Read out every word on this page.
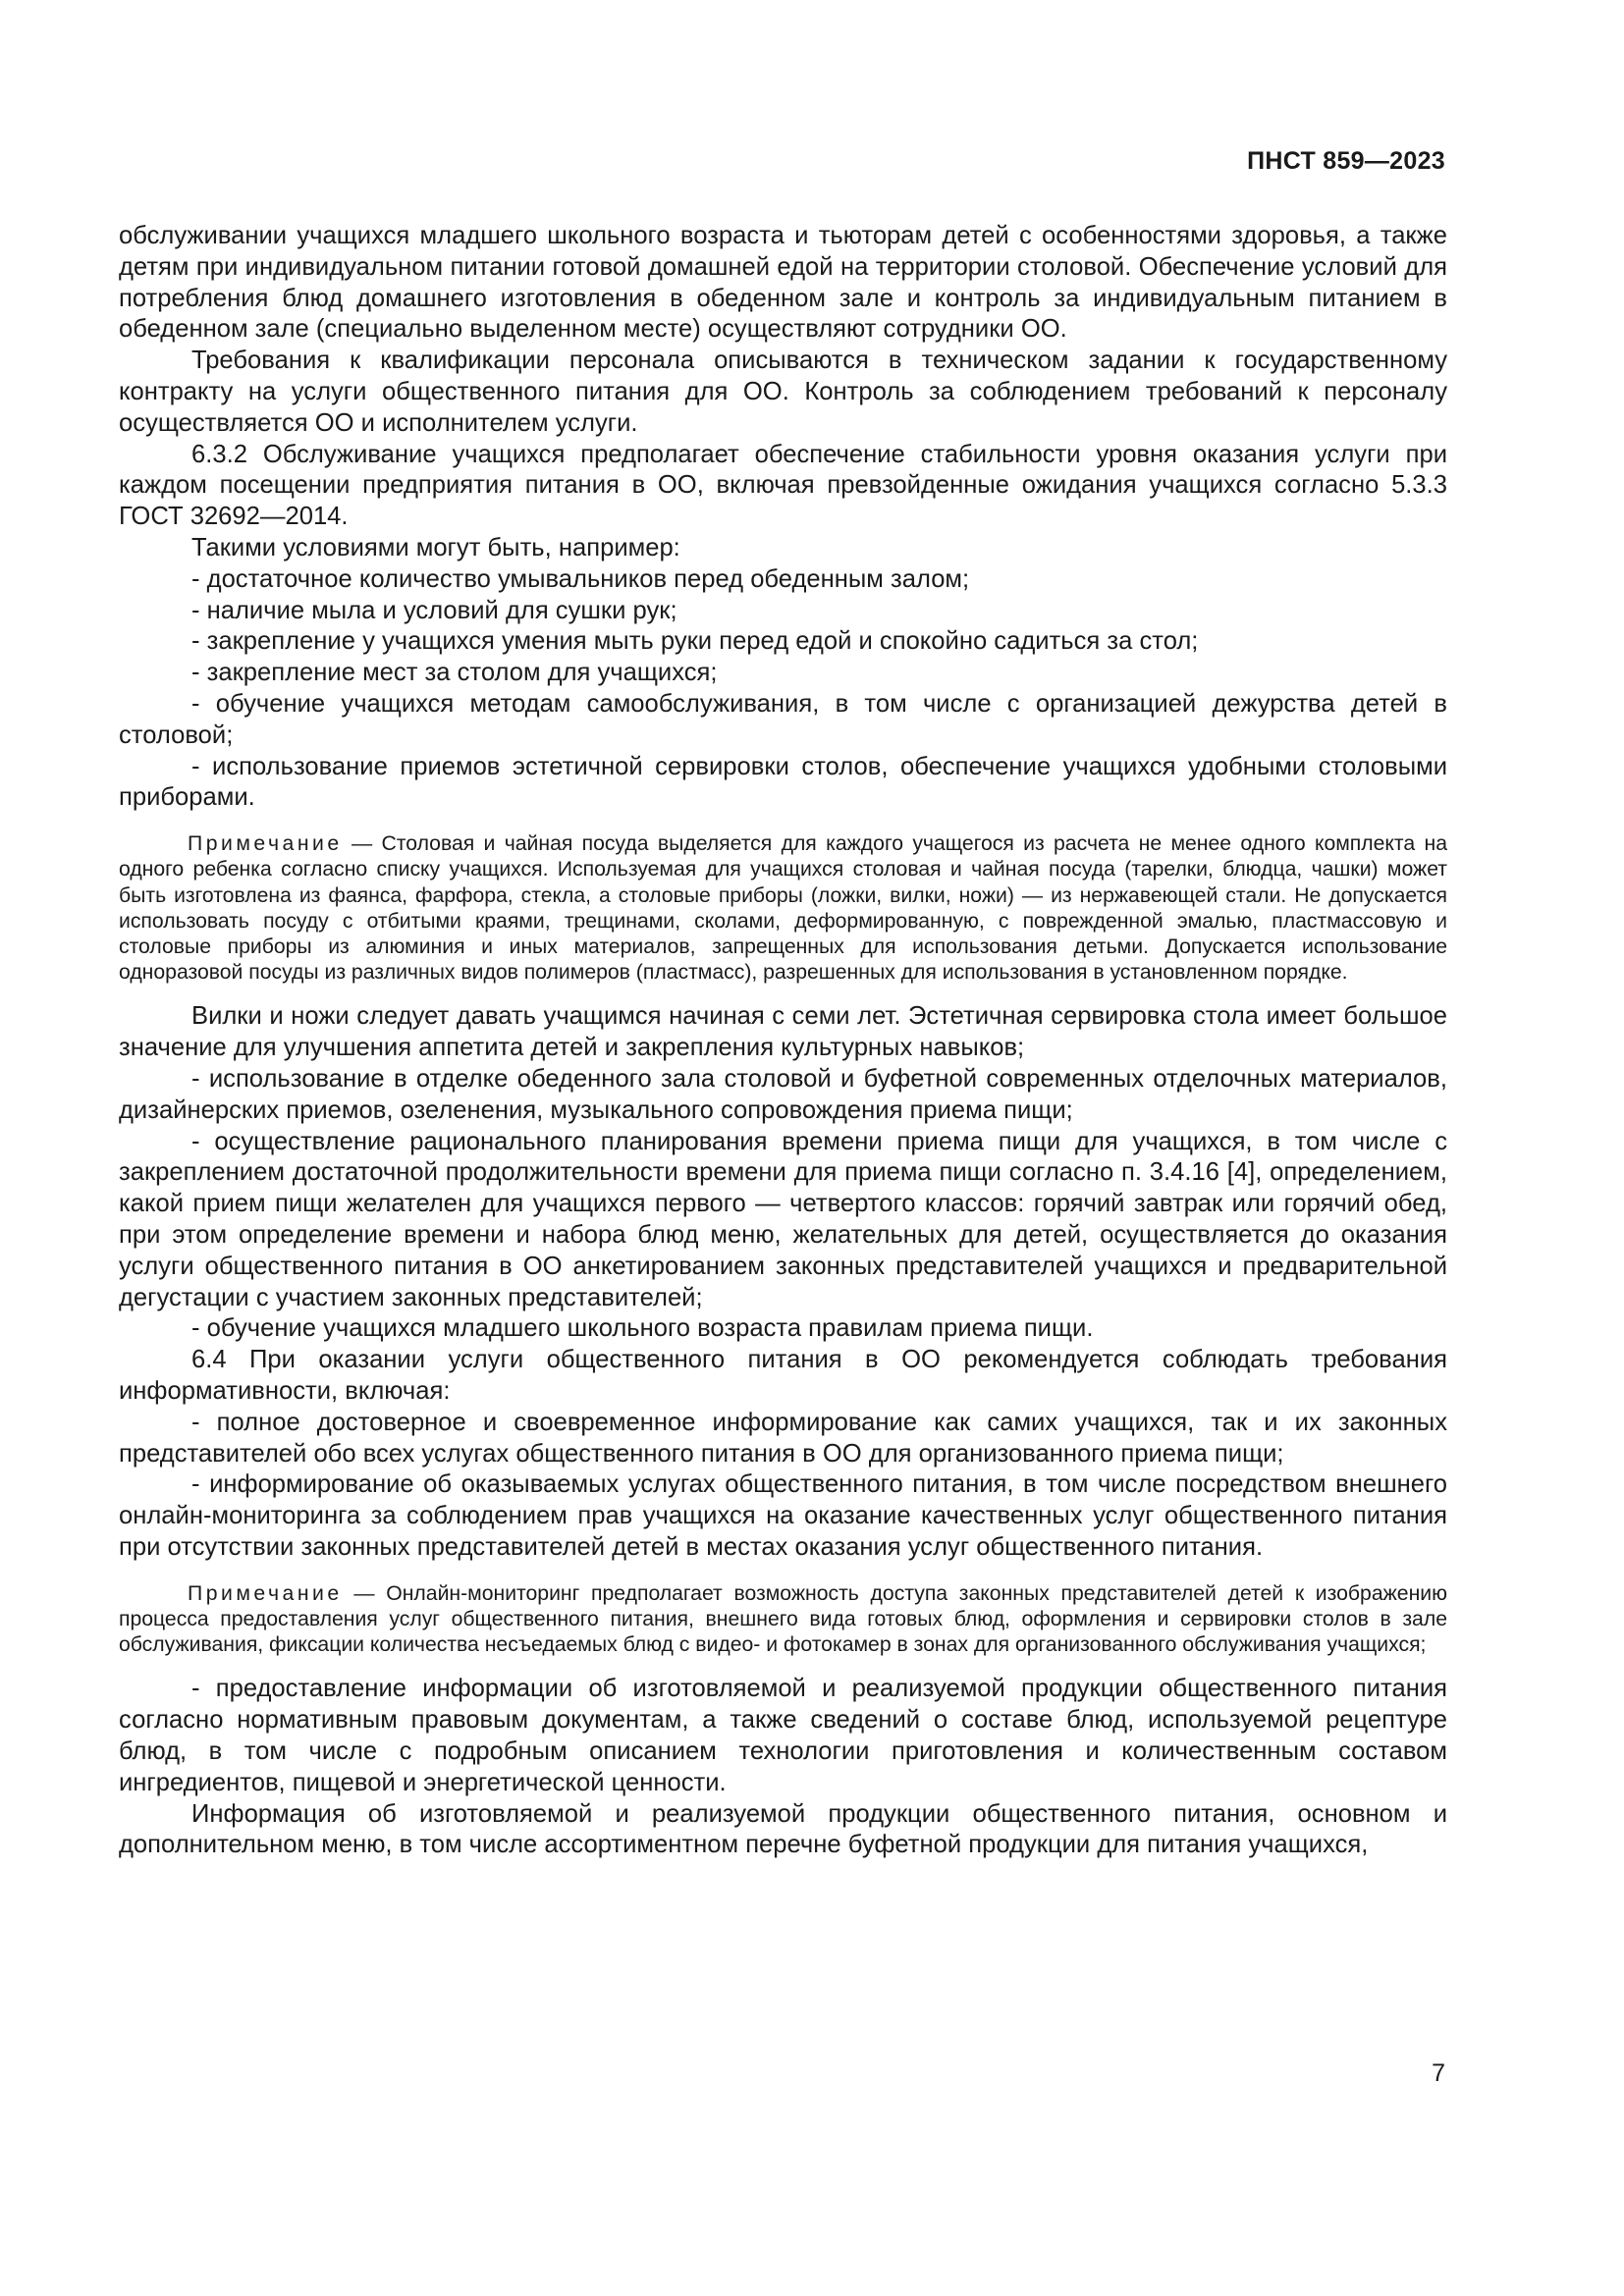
ПНСТ 859—2023

обслуживании учащихся младшего школьного возраста и тьюторам детей с особенностями здоровья, а также детям при индивидуальном питании готовой домашней едой на территории столовой. Обеспечение условий для потребления блюд домашнего изготовления в обеденном зале и контроль за индивидуальным питанием в обеденном зале (специально выделенном месте) осуществляют сотрудники ОО.

Требования к квалификации персонала описываются в техническом задании к государственному контракту на услуги общественного питания для ОО. Контроль за соблюдением требований к персоналу осуществляется ОО и исполнителем услуги.

6.3.2 Обслуживание учащихся предполагает обеспечение стабильности уровня оказания услуги при каждом посещении предприятия питания в ОО, включая превзойденные ожидания учащихся согласно 5.3.3 ГОСТ 32692—2014.

Такими условиями могут быть, например:

- достаточное количество умывальников перед обеденным залом;

- наличие мыла и условий для сушки рук;

- закрепление у учащихся умения мыть руки перед едой и спокойно садиться за стол;

- закрепление мест за столом для учащихся;

- обучение учащихся методам самообслуживания, в том числе с организацией дежурства детей в столовой;

- использование приемов эстетичной сервировки столов, обеспечение учащихся удобными столовыми приборами.

Примечание — Столовая и чайная посуда выделяется для каждого учащегося из расчета не менее одного комплекта на одного ребенка согласно списку учащихся. Используемая для учащихся столовая и чайная посуда (тарелки, блюдца, чашки) может быть изготовлена из фаянса, фарфора, стекла, а столовые приборы (ложки, вилки, ножи) — из нержавеющей стали. Не допускается использовать посуду с отбитыми краями, трещинами, сколами, деформированную, с поврежденной эмалью, пластмассовую и столовые приборы из алюминия и иных материалов, запрещенных для использования детьми. Допускается использование одноразовой посуды из различных видов полимеров (пластмасс), разрешенных для использования в установленном порядке.

Вилки и ножи следует давать учащимся начиная с семи лет. Эстетичная сервировка стола имеет большое значение для улучшения аппетита детей и закрепления культурных навыков;

- использование в отделке обеденного зала столовой и буфетной современных отделочных материалов, дизайнерских приемов, озеленения, музыкального сопровождения приема пищи;

- осуществление рационального планирования времени приема пищи для учащихся, в том числе с закреплением достаточной продолжительности времени для приема пищи согласно п. 3.4.16 [4], определением, какой прием пищи желателен для учащихся первого — четвертого классов: горячий завтрак или горячий обед, при этом определение времени и набора блюд меню, желательных для детей, осуществляется до оказания услуги общественного питания в ОО анкетированием законных представителей учащихся и предварительной дегустации с участием законных представителей;

- обучение учащихся младшего школьного возраста правилам приема пищи.

6.4 При оказании услуги общественного питания в ОО рекомендуется соблюдать требования информативности, включая:

- полное достоверное и своевременное информирование как самих учащихся, так и их законных представителей обо всех услугах общественного питания в ОО для организованного приема пищи;

- информирование об оказываемых услугах общественного питания, в том числе посредством внешнего онлайн-мониторинга за соблюдением прав учащихся на оказание качественных услуг общественного питания при отсутствии законных представителей детей в местах оказания услуг общественного питания.

Примечание — Онлайн-мониторинг предполагает возможность доступа законных представителей детей к изображению процесса предоставления услуг общественного питания, внешнего вида готовых блюд, оформления и сервировки столов в зале обслуживания, фиксации количества несъедаемых блюд с видео- и фотокамер в зонах для организованного обслуживания учащихся;

- предоставление информации об изготовляемой и реализуемой продукции общественного питания согласно нормативным правовым документам, а также сведений о составе блюд, используемой рецептуре блюд, в том числе с подробным описанием технологии приготовления и количественным составом ингредиентов, пищевой и энергетической ценности.

Информация об изготовляемой и реализуемой продукции общественного питания, основном и дополнительном меню, в том числе ассортиментном перечне буфетной продукции для питания учащихся,

7
